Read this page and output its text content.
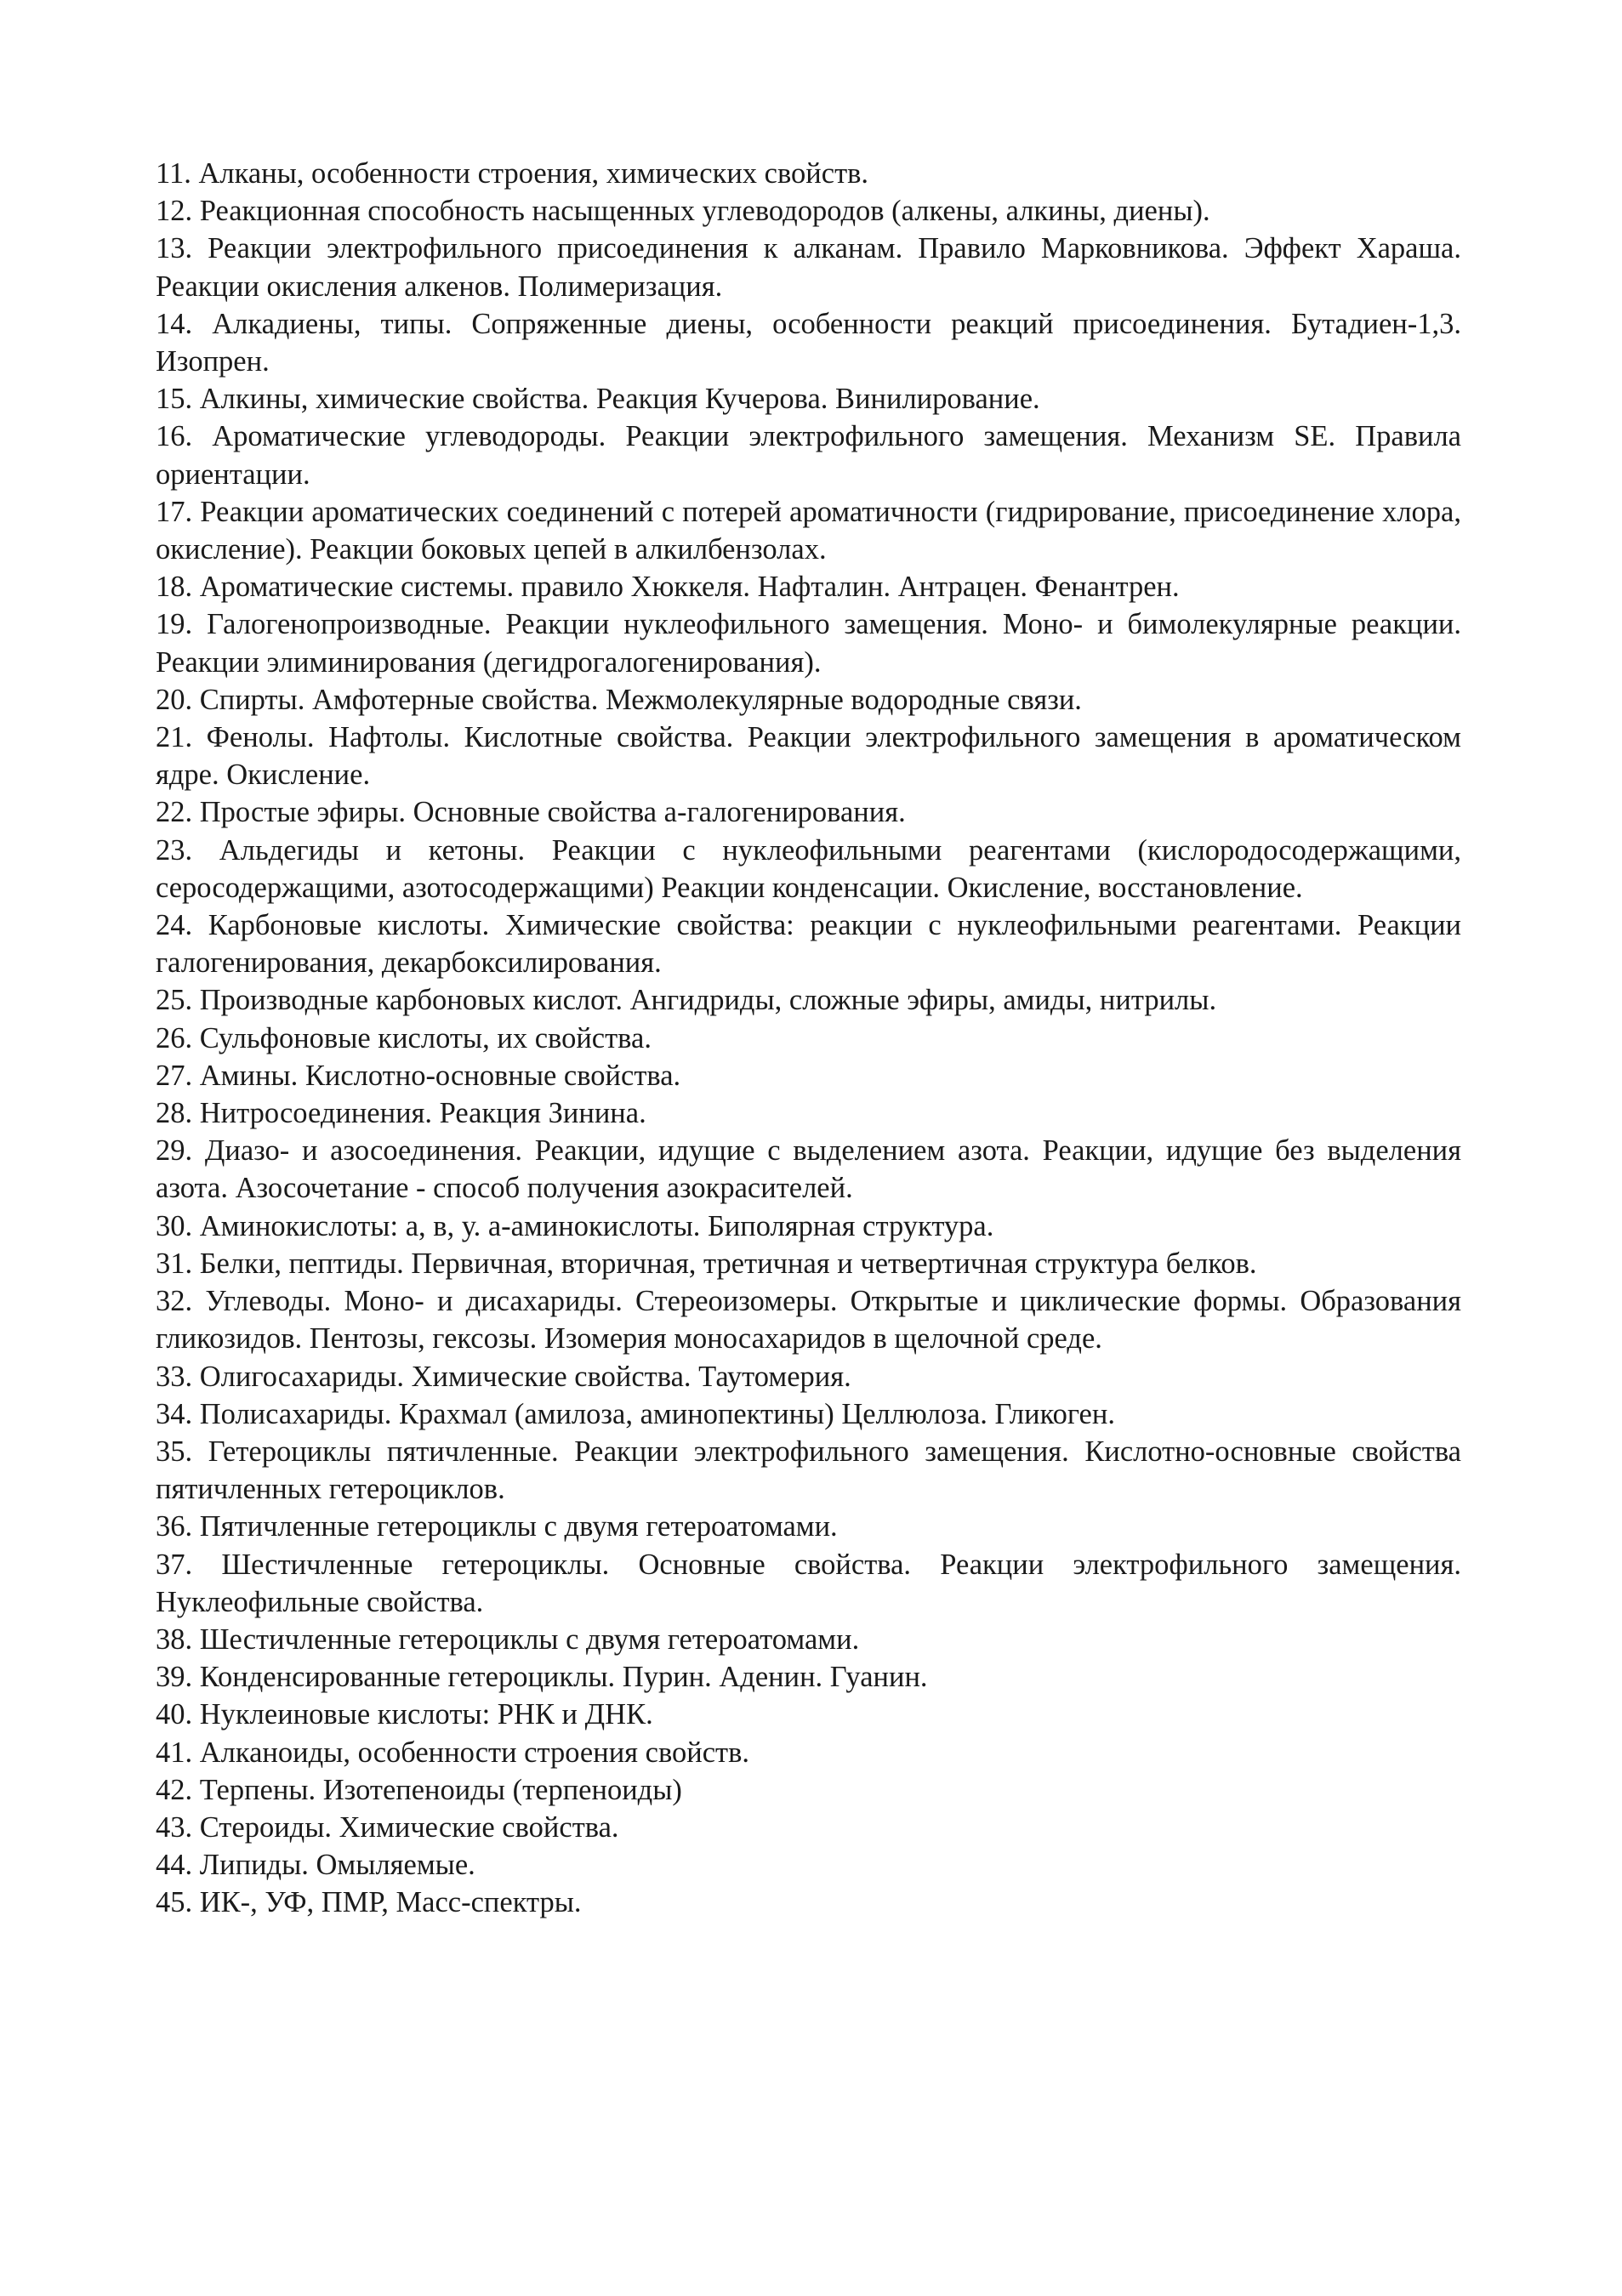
11. Алканы, особенности строения, химических свойств.

12. Реакционная способность насыщенных углеводородов (алкены, алкины, диены).

13. Реакции электрофильного присоединения к алканам. Правило Марковникова. Эффект Хараша. Реакции окисления алкенов. Полимеризация.

14. Алкадиены, типы. Сопряженные диены, особенности реакций присоединения. Бутадиен-1,3. Изопрен.

15. Алкины, химические свойства. Реакция Кучерова. Винилирование.

16. Ароматические углеводороды. Реакции электрофильного замещения. Механизм SE. Правила ориентации.

17. Реакции ароматических соединений с потерей ароматичности (гидрирование, присоединение хлора, окисление). Реакции боковых цепей в алкилбензолах.

18. Ароматические системы. правило Хюккеля. Нафталин. Антрацен. Фенантрен.

19. Галогенопроизводные. Реакции нуклеофильного замещения. Моно- и бимолекулярные реакции. Реакции элиминирования (дегидрогалогенирования).

20. Спирты. Амфотерные свойства. Межмолекулярные водородные связи.

21. Фенолы. Нафтолы. Кислотные свойства. Реакции электрофильного замещения в ароматическом ядре. Окисление.

22. Простые эфиры. Основные свойства а-галогенирования.

23. Альдегиды и кетоны. Реакции с нуклеофильными реагентами (кислородосодержащими, серосодержащими, азотосодержащими) Реакции конденсации. Окисление, восстановление.

24. Карбоновые кислоты. Химические свойства: реакции с нуклеофильными реагентами. Реакции галогенирования, декарбоксилирования.

25. Производные карбоновых кислот. Ангидриды, сложные эфиры, амиды, нитрилы.

26. Сульфоновые кислоты, их свойства.

27. Амины. Кислотно-основные свойства.

28. Нитросоединения. Реакция Зинина.

29. Диазо- и азосоединения. Реакции, идущие с выделением азота. Реакции, идущие без выделения азота. Азосочетание - способ получения азокрасителей.

30. Аминокислоты: а, в, у. а-аминокислоты. Биполярная структура.

31. Белки, пептиды. Первичная, вторичная, третичная и четвертичная структура белков.

32. Углеводы. Моно- и дисахариды. Стереоизомеры. Открытые и циклические формы. Образования гликозидов. Пентозы, гексозы. Изомерия моносахаридов в щелочной среде.

33. Олигосахариды. Химические свойства. Таутомерия.

34. Полисахариды. Крахмал (амилоза, аминопектины) Целлюлоза. Гликоген.

35. Гетероциклы пятичленные. Реакции электрофильного замещения. Кислотно-основные свойства пятичленных гетероциклов.

36. Пятичленные гетероциклы с двумя гетероатомами.

37. Шестичленные гетероциклы. Основные свойства. Реакции электрофильного замещения. Нуклеофильные свойства.

38. Шестичленные гетероциклы с двумя гетероатомами.

39. Конденсированные гетероциклы. Пурин. Аденин. Гуанин.

40. Нуклеиновые кислоты: РНК и ДНК.

41. Алканоиды, особенности строения свойств.

42. Терпены. Изотепеноиды (терпеноиды)

43. Стероиды. Химические свойства.

44. Липиды. Омыляемые.

45. ИК-, УФ, ПМР, Масс-спектры.
